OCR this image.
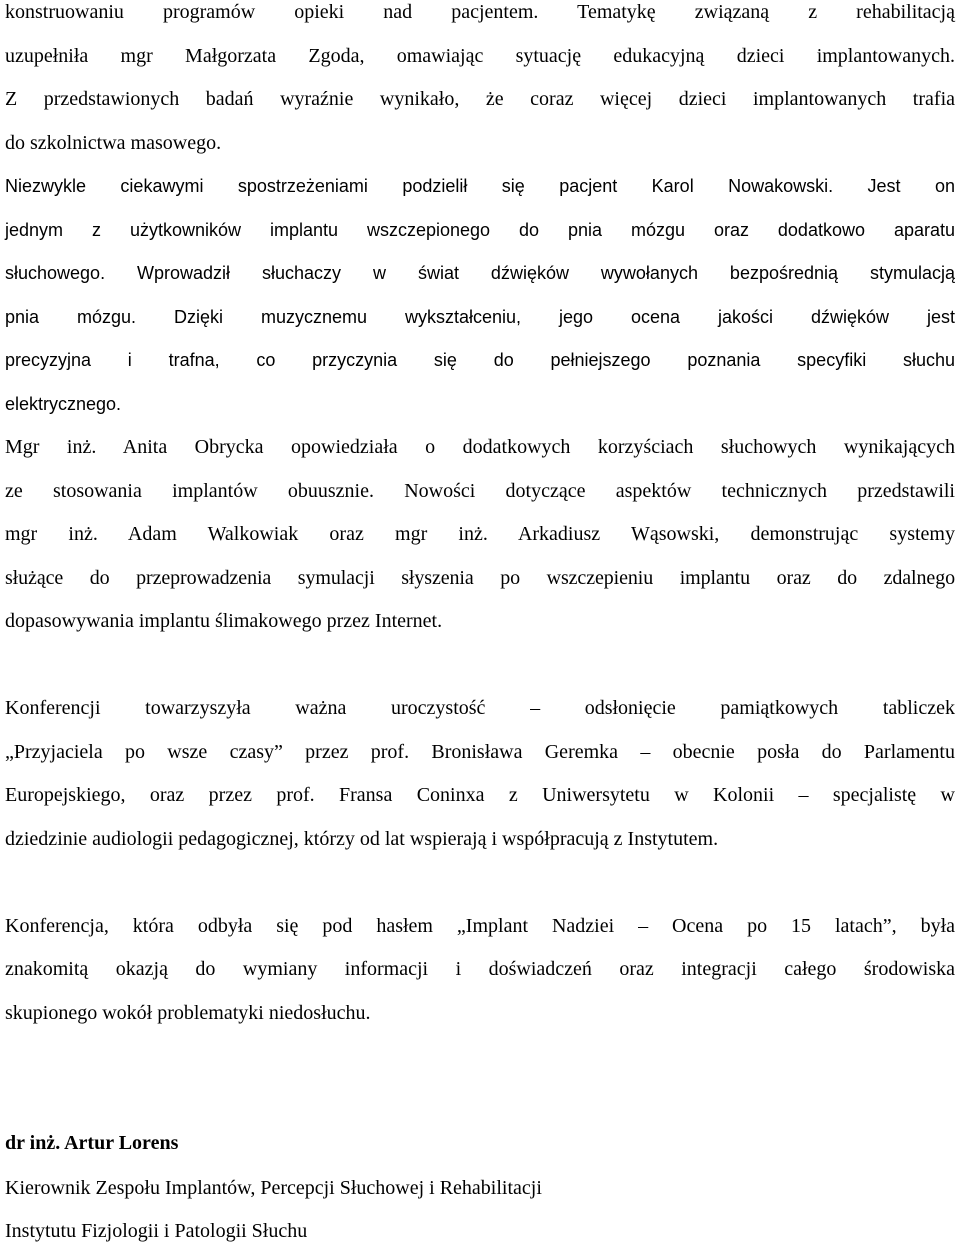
konstruowaniu programów opieki nad pacjentem. Tematykę związaną z rehabilitacją
uzupełniła mgr Małgorzata Zgoda, omawiając sytuację edukacyjną dzieci implantowanych.
Z przedstawionych badań wyraźnie wynikało, że coraz więcej dzieci implantowanych trafia
do szkolnictwa masowego.
Niezwykle ciekawymi spostrzeżeniami podzielił się pacjent Karol Nowakowski. Jest on
jednym z użytkowników implantu wszczepionego do pnia mózgu oraz dodatkowo aparatu
słuchowego. Wprowadził słuchaczy w świat dźwięków wywołanych bezpośrednią stymulacją
pnia mózgu. Dzięki muzycznemu wykształceniu, jego ocena jakości dźwięków jest
precyzyjna i trafna, co przyczynia się do pełniejszego poznania specyfiki słuchu
elektrycznego.
Mgr inż. Anita Obrycka opowiedziała o dodatkowych korzyściach słuchowych wynikających
ze stosowania implantów obuusznie. Nowości dotyczące aspektów technicznych przedstawili
mgr inż. Adam Walkowiak oraz mgr inż. Arkadiusz Wąsowski, demonstrując systemy
służące do przeprowadzenia symulacji słyszenia po wszczepieniu implantu oraz do zdalnego
dopasowywania implantu ślimakowego przez Internet.
Konferencji towarzyszyła ważna uroczystość – odsłonięcie pamiątkowych tabliczek
„Przyjaciela po wsze czasy” przez prof. Bronisława Geremka – obecnie posła do Parlamentu
Europejskiego, oraz przez prof. Fransa Coninxa z Uniwersytetu w Kolonii – specjalistę w
dziedzinie audiologii pedagogicznej, którzy od lat wspierają i współpracują z Instytutem.
Konferencja, która odbyła się pod hasłem „Implant Nadziei – Ocena po 15 latach”, była
znakomitą okazją do wymiany informacji i doświadczeń oraz integracji całego środowiska
skupionego wokół problematyki niedosłuchu.
dr inż. Artur Lorens
Kierownik Zespołu Implantów, Percepcji Słuchowej i Rehabilitacji
Instytutu Fizjologii i Patologii Słuchu
